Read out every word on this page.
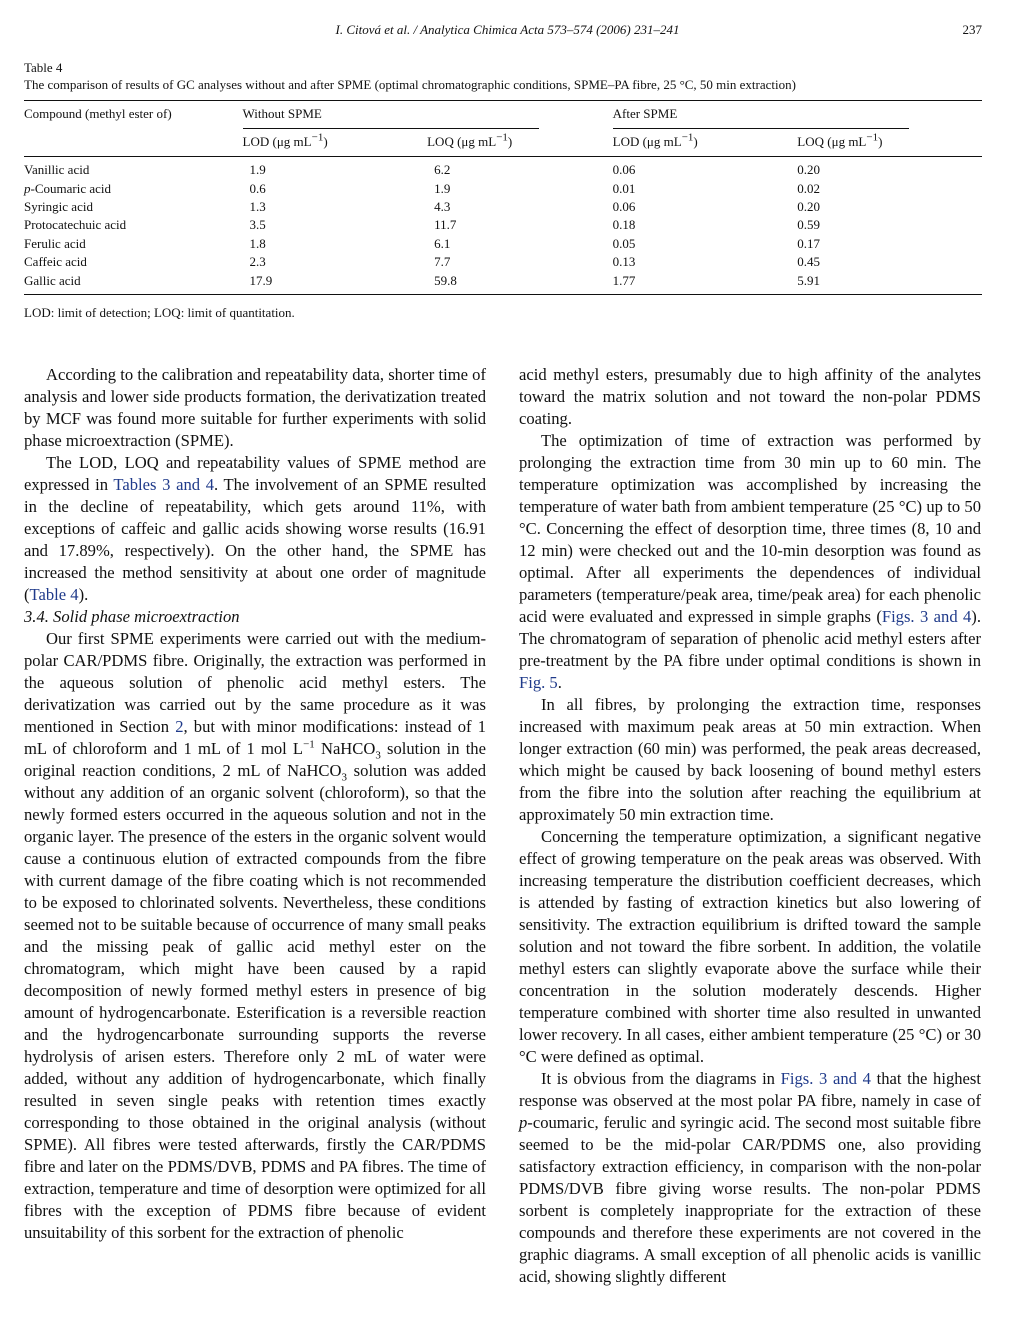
I. Citová et al. / Analytica Chimica Acta 573–574 (2006) 231–241	237
Table 4
The comparison of results of GC analyses without and after SPME (optimal chromatographic conditions, SPME–PA fibre, 25 °C, 50 min extraction)
Compound (methyl ester of)	Without SPME		After SPME	

	LOD (μg $mL^{-1}$)	LOQ (μg $mL^{-1}$)	LOD (μg $mL^{-1}$)	LOQ (μg $mL^{-1}$)

Vanillic acid	1.9	6.2	0.06	0.20
p-Coumaric acid	0.6	1.9	0.01	0.02
Syringic acid	1.3	4.3	0.06	0.20
Protocatechuic acid	3.5	11.7	0.18	0.59
Ferulic acid	1.8	6.1	0.05	0.17
Caffeic acid	2.3	7.7	0.13	0.45
Gallic acid	17.9	59.8	1.77	5.91
LOD: limit of detection; LOQ: limit of quantitation.

According to the calibration and repeatability data, shorter time of analysis and lower side products formation, the derivatization treated by MCF was found more suitable for further experiments with solid phase microextraction (SPME).

The LOD, LOQ and repeatability values of SPME method are expressed in Tables 3 and 4. The involvement of an SPME resulted in the decline of repeatability, which gets around 11%, with exceptions of caffeic and gallic acids showing worse results (16.91 and 17.89%, respectively). On the other hand, the SPME has increased the method sensitivity at about one order of magnitude (Table 4).

3.4. Solid phase microextraction

Our first SPME experiments were carried out with the medium-polar CAR/PDMS fibre. Originally, the extraction was performed in the aqueous solution of phenolic acid methyl esters. The derivatization was carried out by the same procedure as it was mentioned in Section 2, but with minor modifications: instead of 1 mL of chloroform and 1 mL of 1 mol $L^{-1}$ NaHCO$_3$ solution in the original reaction conditions, 2 mL of NaHCO$_3$ solution was added without any addition of an organic solvent (chloroform), so that the newly formed esters occurred in the aqueous solution and not in the organic layer. The presence of the esters in the organic solvent would cause a continuous elution of extracted compounds from the fibre with current damage of the fibre coating which is not recommended to be exposed to chlorinated solvents. Nevertheless, these conditions seemed not to be suitable because of occurrence of many small peaks and the missing peak of gallic acid methyl ester on the chromatogram, which might have been caused by a rapid decomposition of newly formed methyl esters in presence of big amount of hydrogencarbonate. Esterification is a reversible reaction and the hydrogencarbonate surrounding supports the reverse hydrolysis of arisen esters. Therefore only 2 mL of water were added, without any addition of hydrogencarbonate, which finally resulted in seven single peaks with retention times exactly corresponding to those obtained in the original analysis (without SPME). All fibres were tested afterwards, firstly the CAR/PDMS fibre and later on the PDMS/DVB, PDMS and PA fibres. The time of extraction, temperature and time of desorption were optimized for all fibres with the exception of PDMS fibre because of evident unsuitability of this sorbent for the extraction of phenolic

acid methyl esters, presumably due to high affinity of the analytes toward the matrix solution and not toward the non-polar PDMS coating.

The optimization of time of extraction was performed by prolonging the extraction time from 30 min up to 60 min. The temperature optimization was accomplished by increasing the temperature of water bath from ambient temperature (25 °C) up to 50 °C. Concerning the effect of desorption time, three times (8, 10 and 12 min) were checked out and the 10-min desorption was found as optimal. After all experiments the dependences of individual parameters (temperature/peak area, time/peak area) for each phenolic acid were evaluated and expressed in simple graphs (Figs. 3 and 4). The chromatogram of separation of phenolic acid methyl esters after pre-treatment by the PA fibre under optimal conditions is shown in Fig. 5.

In all fibres, by prolonging the extraction time, responses increased with maximum peak areas at 50 min extraction. When longer extraction (60 min) was performed, the peak areas decreased, which might be caused by back loosening of bound methyl esters from the fibre into the solution after reaching the equilibrium at approximately 50 min extraction time.

Concerning the temperature optimization, a significant negative effect of growing temperature on the peak areas was observed. With increasing temperature the distribution coefficient decreases, which is attended by fasting of extraction kinetics but also lowering of sensitivity. The extraction equilibrium is drifted toward the sample solution and not toward the fibre sorbent. In addition, the volatile methyl esters can slightly evaporate above the surface while their concentration in the solution moderately descends. Higher temperature combined with shorter time also resulted in unwanted lower recovery. In all cases, either ambient temperature (25 °C) or 30 °C were defined as optimal.

It is obvious from the diagrams in Figs. 3 and 4 that the highest response was observed at the most polar PA fibre, namely in case of p-coumaric, ferulic and syringic acid. The second most suitable fibre seemed to be the mid-polar CAR/PDMS one, also providing satisfactory extraction efficiency, in comparison with the non-polar PDMS/DVB fibre giving worse results. The non-polar PDMS sorbent is completely inappropriate for the extraction of these compounds and therefore these experiments are not covered in the graphic diagrams. A small exception of all phenolic acids is vanillic acid, showing slightly different
